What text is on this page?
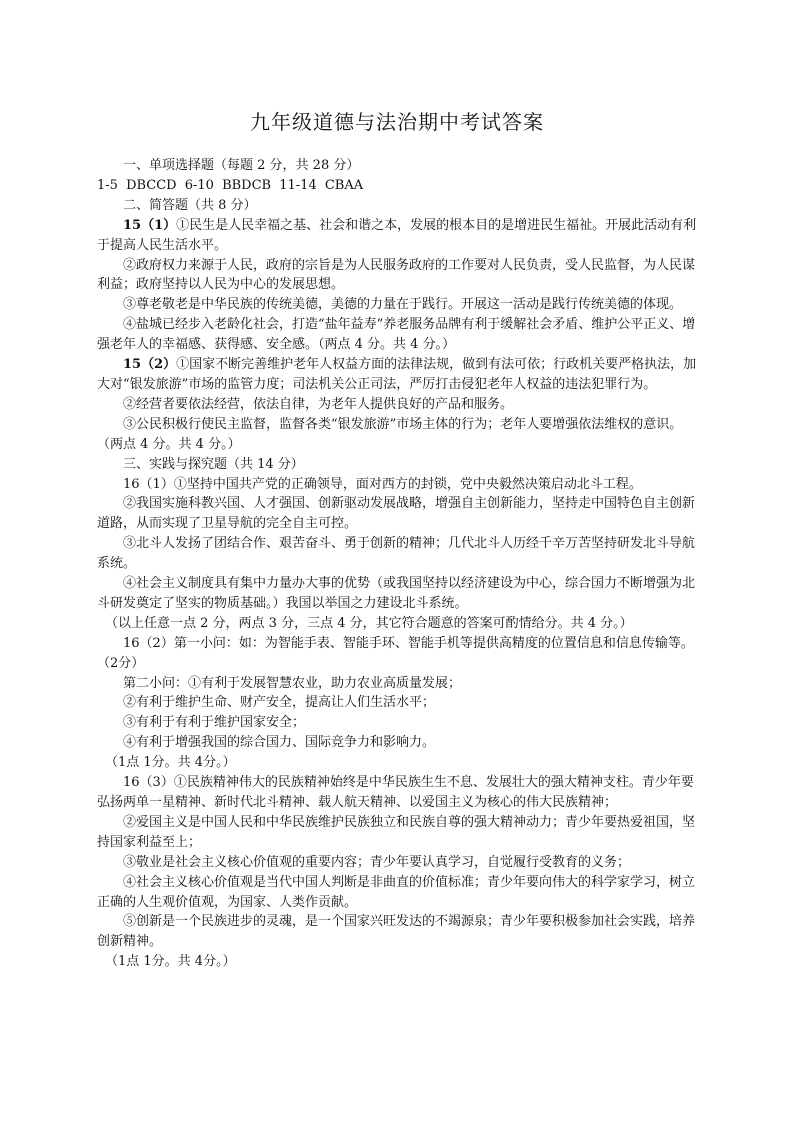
九年级道德与法治期中考试答案

一、单项选择题（每题 2 分，共 28 分）

1-5 DBCCD 6-10 BBDCB 11-14 CBAA

二、简答题（共 8 分）

15（1）①民生是人民幸福之基、社会和谐之本，发展的根本目的是增进民生福祉。开展此活动有利于提高人民生活水平。

②政府权力来源于人民，政府的宗旨是为人民服务政府的工作要对人民负责，受人民监督，为人民谋利益；政府坚持以人民为中心的发展思想。

③尊老敬老是中华民族的传统美德，美德的力量在于践行。开展这一活动是践行传统美德的体现。

④盐城已经步入老龄化社会，打造“盐年益寿”养老服务品牌有利于缓解社会矛盾、维护公平正义、增强老年人的幸福感、获得感、安全感。（两点 4 分。共 4 分。）

15（2）①国家不断完善维护老年人权益方面的法律法规，做到有法可依；行政机关要严格执法，加大对“银发旅游”市场的监管力度；司法机关公正司法，严厉打击侵犯老年人权益的违法犯罪行为。

②经营者要依法经营，依法自律，为老年人提供良好的产品和服务。

③公民积极行使民主监督，监督各类“银发旅游”市场主体的行为；老年人要增强依法维权的意识。（两点 4 分。共 4 分。）

三、实践与探究题（共 14 分）

16（1）①坚持中国共产党的正确领导，面对西方的封锁，党中央毅然决策启动北斗工程。

②我国实施科教兴国、人才强国、创新驱动发展战略，增强自主创新能力，坚持走中国特色自主创新道路，从而实现了卫星导航的完全自主可控。

③北斗人发扬了团结合作、艰苦奋斗、勇于创新的精神；几代北斗人历经千辛万苦坚持研发北斗导航系统。

④社会主义制度具有集中力量办大事的优势（或我国坚持以经济建设为中心，综合国力不断增强为北斗研发奠定了坚实的物质基础。）我国以举国之力建设北斗系统。

（以上任意一点 2 分，两点 3 分，三点 4 分，其它符合题意的答案可酌情给分。共 4 分。）

16（2）第一小问：如：为智能手表、智能手环、智能手机等提供高精度的位置信息和信息传输等。（2分）

第二小问：①有利于发展智慧农业，助力农业高质量发展；

②有利于维护生命、财产安全，提高让人们生活水平；

③有利于有利于维护国家安全；

④有利于增强我国的综合国力、国际竞争力和影响力。

（1点 1分。共 4分。）

16（3）①民族精神伟大的民族精神始终是中华民族生生不息、发展壮大的强大精神支柱。青少年要弘扬两单一星精神、新时代北斗精神、载人航天精神、以爱国主义为核心的伟大民族精神；

②爱国主义是中国人民和中华民族维护民族独立和民族自尊的强大精神动力；青少年要热爱祖国，坚持国家利益至上；

③敬业是社会主义核心价值观的重要内容；青少年要认真学习，自觉履行受教育的义务；

④社会主义核心价值观是当代中国人判断是非曲直的价值标准；青少年要向伟大的科学家学习，树立正确的人生观价值观，为国家、人类作贡献。

⑤创新是一个民族进步的灵魂，是一个国家兴旺发达的不竭源泉；青少年要积极参加社会实践，培养创新精神。

（1点 1分。共 4分。）
